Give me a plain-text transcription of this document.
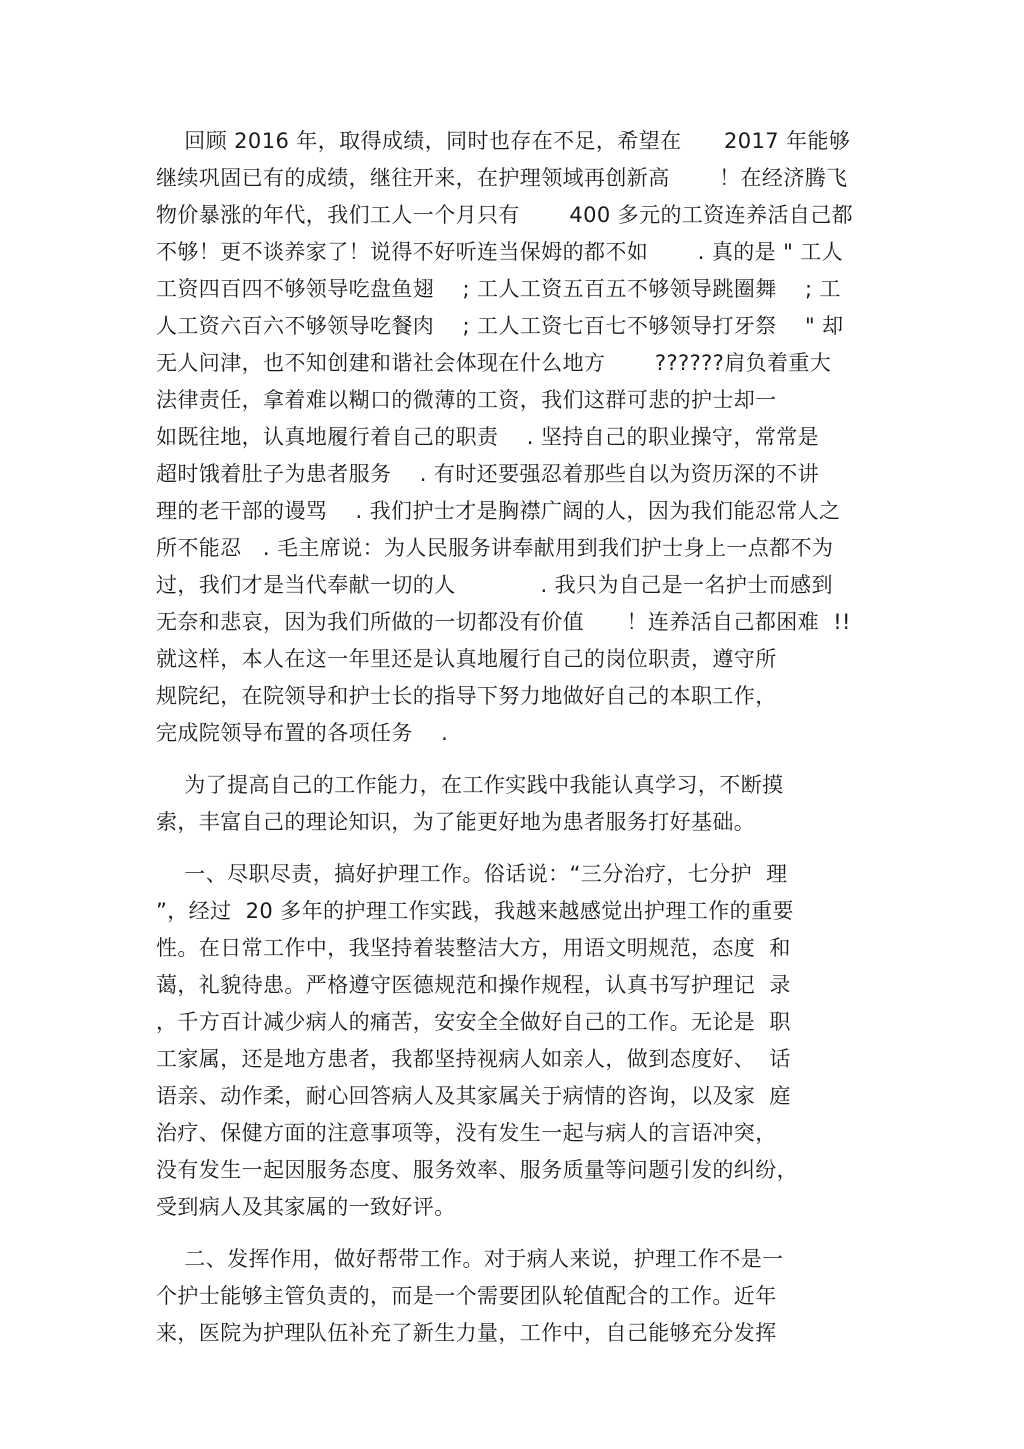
回顾 2016 年，取得成绩，同时也存在不足，希望在      2017 年能够
继续巩固已有的成绩，继往开来，在护理领域再创新高       ！在经济腾飞
物价暴涨的年代，我们工人一个月只有       400 多元的工资连养活自己都
不够！更不谈养家了！说得不好听连当保姆的都不如       . 真的是 " 工人
工资四百四不够领导吃盘鱼翅    ; 工人工资五百五不够领导跳圈舞    ; 工
人工资六百六不够领导吃餐肉    ; 工人工资七百七不够领导打牙祭    " 却
无人问津，也不知创建和谐社会体现在什么地方       ??????肩负着重大
法律责任，拿着难以糊口的微薄的工资，我们这群可悲的护士却一
如既往地，认真地履行着自己的职责    . 坚持自己的职业操守，常常是
超时饿着肚子为患者服务    . 有时还要强忍着那些自以为资历深的不讲
理的老干部的谩骂    . 我们护士才是胸襟广阔的人，因为我们能忍常人之
所不能忍   . 毛主席说：为人民服务讲奉献用到我们护士身上一点都不为
过，我们才是当代奉献一切的人            . 我只为自己是一名护士而感到
无奈和悲哀，因为我们所做的一切都没有价值      ！连养活自己都困难  !!
就这样，本人在这一年里还是认真地履行自己的岗位职责，遵守所
规院纪，在院领导和护士长的指导下努力地做好自己的本职工作，
完成院领导布置的各项任务    .
为了提高自己的工作能力，在工作实践中我能认真学习，不断摸
索，丰富自己的理论知识，为了能更好地为患者服务打好基础。
一、尽职尽责，搞好护理工作。俗话说：“三分治疗，七分护  理
”，经过  20 多年的护理工作实践，我越来越感觉出护理工作的重要
性。在日常工作中，我坚持着装整洁大方，用语文明规范，态度  和
蔼，礼貌待患。严格遵守医德规范和操作规程，认真书写护理记  录
，千方百计减少病人的痛苦，安安全全做好自己的工作。无论是  职
工家属，还是地方患者，我都坚持视病人如亲人，做到态度好、  话
语亲、动作柔，耐心回答病人及其家属关于病情的咨询，以及家  庭
治疗、保健方面的注意事项等，没有发生一起与病人的言语冲突，
没有发生一起因服务态度、服务效率、服务质量等问题引发的纠纷，
受到病人及其家属的一致好评。
二、发挥作用，做好帮带工作。对于病人来说，护理工作不是一
个护士能够主管负责的，而是一个需要团队轮值配合的工作。近年
来，医院为护理队伍补充了新生力量，工作中，自己能够充分发挥
